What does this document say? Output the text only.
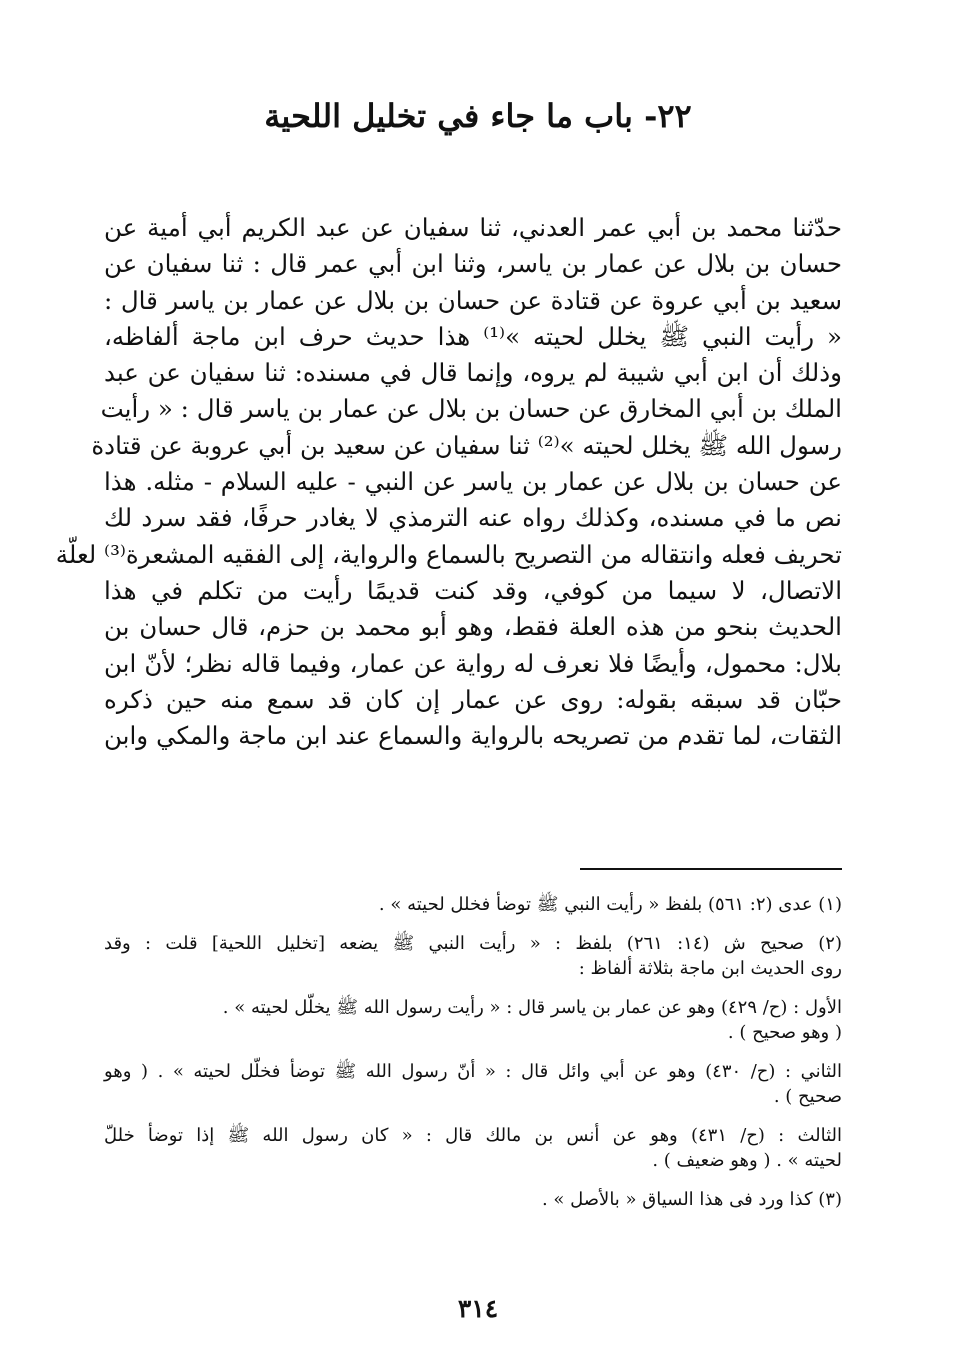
٢٢- باب ما جاء في تخليل اللحية
حدّثنا محمد بن أبي عمر العدني، ثنا سفيان عن عبد الكريم أبي أمية عن
حسان بن بلال عن عمار بن ياسر، وثنا ابن أبي عمر قال : ثنا سفيان عن
سعيد بن أبي عروة عن قتادة عن حسان بن بلال عن عمار بن ياسر قال :
« رأيت النبي ﷺ يخلل لحيته »⁽¹⁾ هذا حديث حرف ابن ماجة ألفاظه،
وذلك أن ابن أبي شيبة لم يروه، وإنما قال في مسنده: ثنا سفيان عن عبد
الملك بن أبي المخارق عن حسان بن بلال عن عمار بن ياسر قال : « رأيت
رسول الله ﷺ يخلل لحيته »⁽²⁾ ثنا سفيان عن سعيد بن أبي عروبة عن قتادة
عن حسان بن بلال عن عمار بن ياسر عن النبي - عليه السلام - مثله. هذا
نص ما في مسنده، وكذلك رواه عنه الترمذي لا يغادر حرفًا، فقد سرد لك
تحريف فعله وانتقاله من التصريح بالسماع والرواية، إلى الفقيه المشعرة⁽³⁾ لعلّة
الاتصال، لا سيما من كوفي، وقد كنت قديمًا رأيت من تكلم في هذا
الحديث بنحو من هذه العلة فقط، وهو أبو محمد بن حزم، قال حسان بن
بلال: محمول، وأيضًا فلا نعرف له رواية عن عمار، وفيما قاله نظر؛ لأنّ ابن
حبّان قد سبقه بقوله: روى عن عمار إن كان قد سمع منه حين ذكره
الثقات، لما تقدم من تصريحه بالرواية والسماع عند ابن ماجة والمكي وابن
(١) عدى (٢: ٥٦١) بلفظ « رأيت النبي ﷺ توضأ فخلل لحيته » .
(٢) صحيح ش (١٤: ٢٦١) بلفظ : « رأيت النبي ﷺ يضعه [تخليل اللحية] قلت : وقد
روى الحديث ابن ماجة بثلاثة ألفاظ :
الأول : (ح/ ٤٢٩) وهو عن عمار بن ياسر قال : « رأيت رسول الله ﷺ يخلّل لحيته » .
( وهو صحيح ) .
الثاني : (ح/ ٤٣٠) وهو عن أبي وائل قال : « أنّ رسول الله ﷺ توضأ فخلّل لحيته » . ( وهو
صحيح ) .
الثالث : (ح/ ٤٣١) وهو عن أنس بن مالك قال : « كان رسول الله ﷺ إذا توضأ خللّ
لحيته » . ( وهو ضعيف ) .
(٣) كذا ورد فى هذا السياق « بالأصل » .
٣١٤
